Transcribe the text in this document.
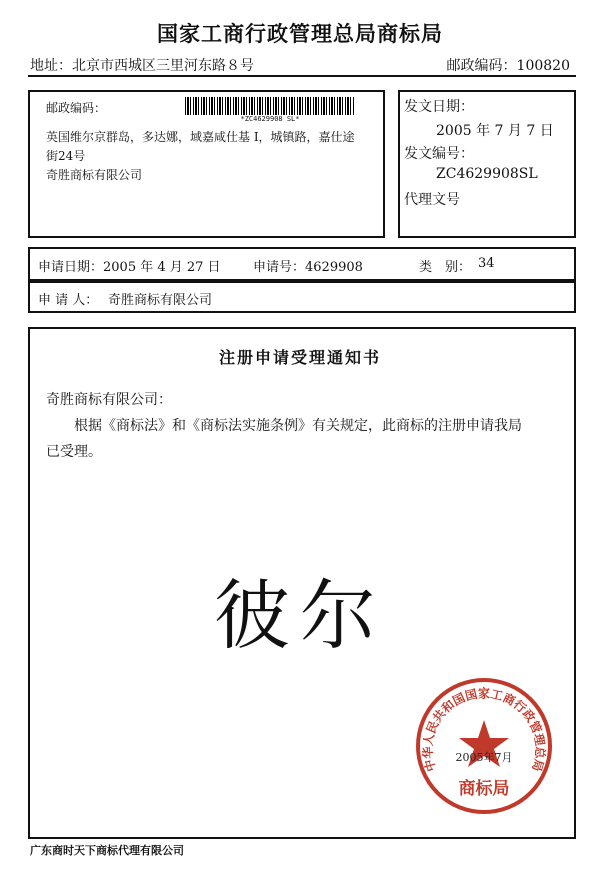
国家工商行政管理总局商标局
地址：北京市西城区三里河东路８号	邮政编码：100820
邮政编码：
*ZC4629908 SL*
英国维尔京群岛，多达娜，域嘉咸仕基 I，城镇路，嘉仕途
街24号
奇胜商标有限公司
发文日期：
2005 年 7 月 7 日
发文编号：
ZC4629908SL
代理文号
申请日期：2005 年 4 月 27 日 申请号：4629908	类　别： 34
申 请 人： 奇胜商标有限公司
注册申请受理通知书
奇胜商标有限公司：
根据《商标法》和《商标法实施条例》有关规定，此商标的注册申请我局
已受理。
彼尔
中华人民共和国国家工商行政管理总局
2005年7月
商标局
广东商时天下商标代理有限公司
